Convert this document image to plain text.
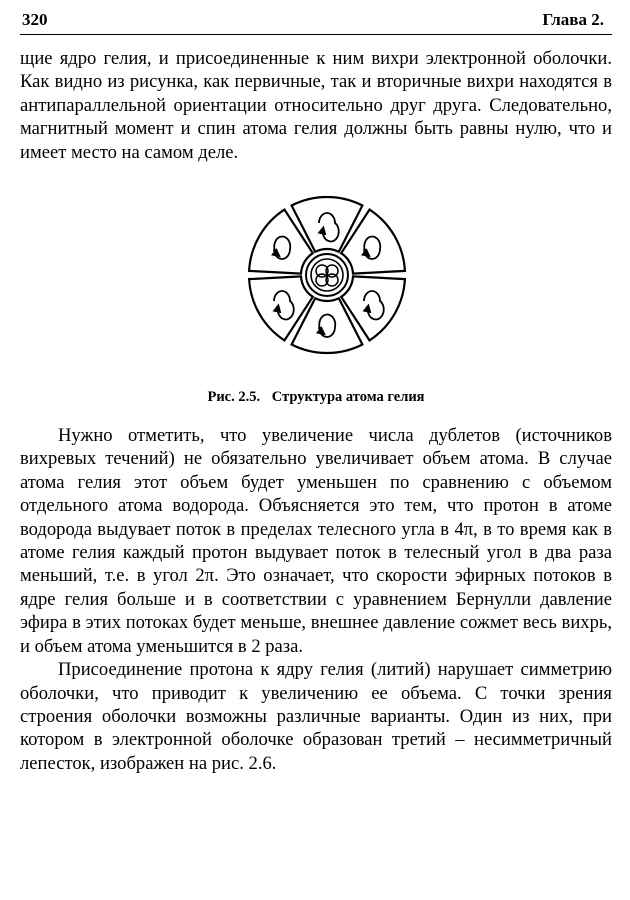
320	Глава 2.

щие ядро гелия, и присоединенные к ним вихри электронной оболочки. Как видно из рисунка, как первичные, так и вторичные вихри находятся в антипараллельной ориентации относительно друг друга. Следовательно, магнитный момент и спин атома гелия должны быть равны нулю, что и имеет место на самом деле.

Рис. 2.5. Структура атома гелия

Нужно отметить, что увеличение числа дублетов (источников вихревых течений) не обязательно увеличивает объем атома. В случае атома гелия этот объем будет уменьшен по сравнению с объемом отдельного атома водорода. Объясняется это тем, что протон в атоме водорода выдувает поток в пределах телесного угла в 4π, в то время как в атоме гелия каждый протон выдувает поток в телесный угол в два раза меньший, т.е. в угол 2π. Это означает, что скорости эфирных потоков в ядре гелия больше и в соответствии с уравнением Бернулли давление эфира в этих потоках будет меньше, внешнее давление сожмет весь вихрь, и объем атома уменьшится в 2 раза.

Присоединение протона к ядру гелия (литий) нарушает симметрию оболочки, что приводит к увеличению ее объема. С точки зрения строения оболочки возможны различные варианты. Один из них, при котором в электронной оболочке образован третий – несимметричный лепесток, изображен на рис. 2.6.
